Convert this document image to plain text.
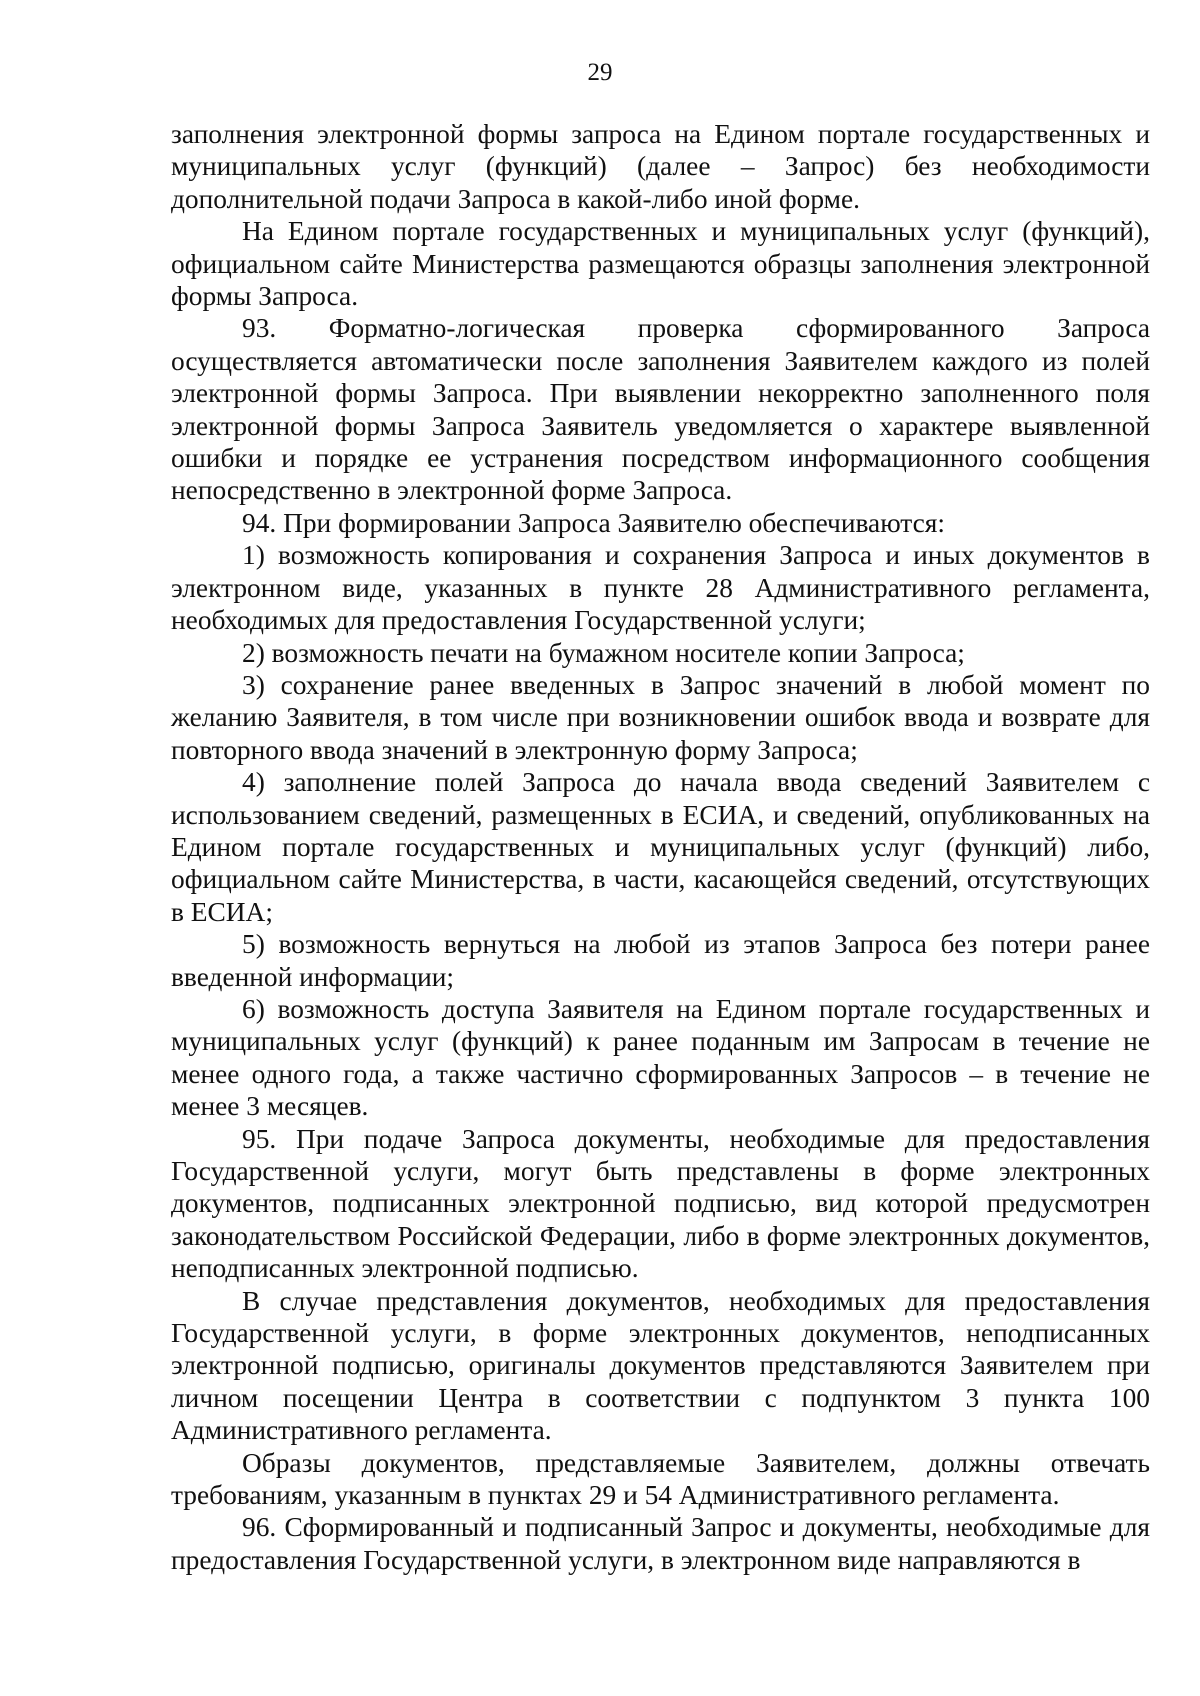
29

заполнения электронной формы запроса на Едином портале государственных и муниципальных услуг (функций) (далее – Запрос) без необходимости дополнительной подачи Запроса в какой-либо иной форме.

На Едином портале государственных и муниципальных услуг (функций), официальном сайте Министерства размещаются образцы заполнения электронной формы Запроса.

93. Форматно-логическая проверка сформированного Запроса осуществляется автоматически после заполнения Заявителем каждого из полей электронной формы Запроса. При выявлении некорректно заполненного поля электронной формы Запроса Заявитель уведомляется о характере выявленной ошибки и порядке ее устранения посредством информационного сообщения непосредственно в электронной форме Запроса.

94. При формировании Запроса Заявителю обеспечиваются:

1) возможность копирования и сохранения Запроса и иных документов в электронном виде, указанных в пункте 28 Административного регламента, необходимых для предоставления Государственной услуги;

2) возможность печати на бумажном носителе копии Запроса;

3) сохранение ранее введенных в Запрос значений в любой момент по желанию Заявителя, в том числе при возникновении ошибок ввода и возврате для повторного ввода значений в электронную форму Запроса;

4) заполнение полей Запроса до начала ввода сведений Заявителем с использованием сведений, размещенных в ЕСИА, и сведений, опубликованных на Едином портале государственных и муниципальных услуг (функций) либо, официальном сайте Министерства, в части, касающейся сведений, отсутствующих в ЕСИА;

5) возможность вернуться на любой из этапов Запроса без потери ранее введенной информации;

6) возможность доступа Заявителя на Едином портале государственных и муниципальных услуг (функций) к ранее поданным им Запросам в течение не менее одного года, а также частично сформированных Запросов – в течение не менее 3 месяцев.

95. При подаче Запроса документы, необходимые для предоставления Государственной услуги, могут быть представлены в форме электронных документов, подписанных электронной подписью, вид которой предусмотрен законодательством Российской Федерации, либо в форме электронных документов, неподписанных электронной подписью.

В случае представления документов, необходимых для предоставления Государственной услуги, в форме электронных документов, неподписанных электронной подписью, оригиналы документов представляются Заявителем при личном посещении Центра в соответствии с подпунктом 3 пункта 100 Административного регламента.

Образы документов, представляемые Заявителем, должны отвечать требованиям, указанным в пунктах 29 и 54 Административного регламента.

96. Сформированный и подписанный Запрос и документы, необходимые для предоставления Государственной услуги, в электронном виде направляются в
